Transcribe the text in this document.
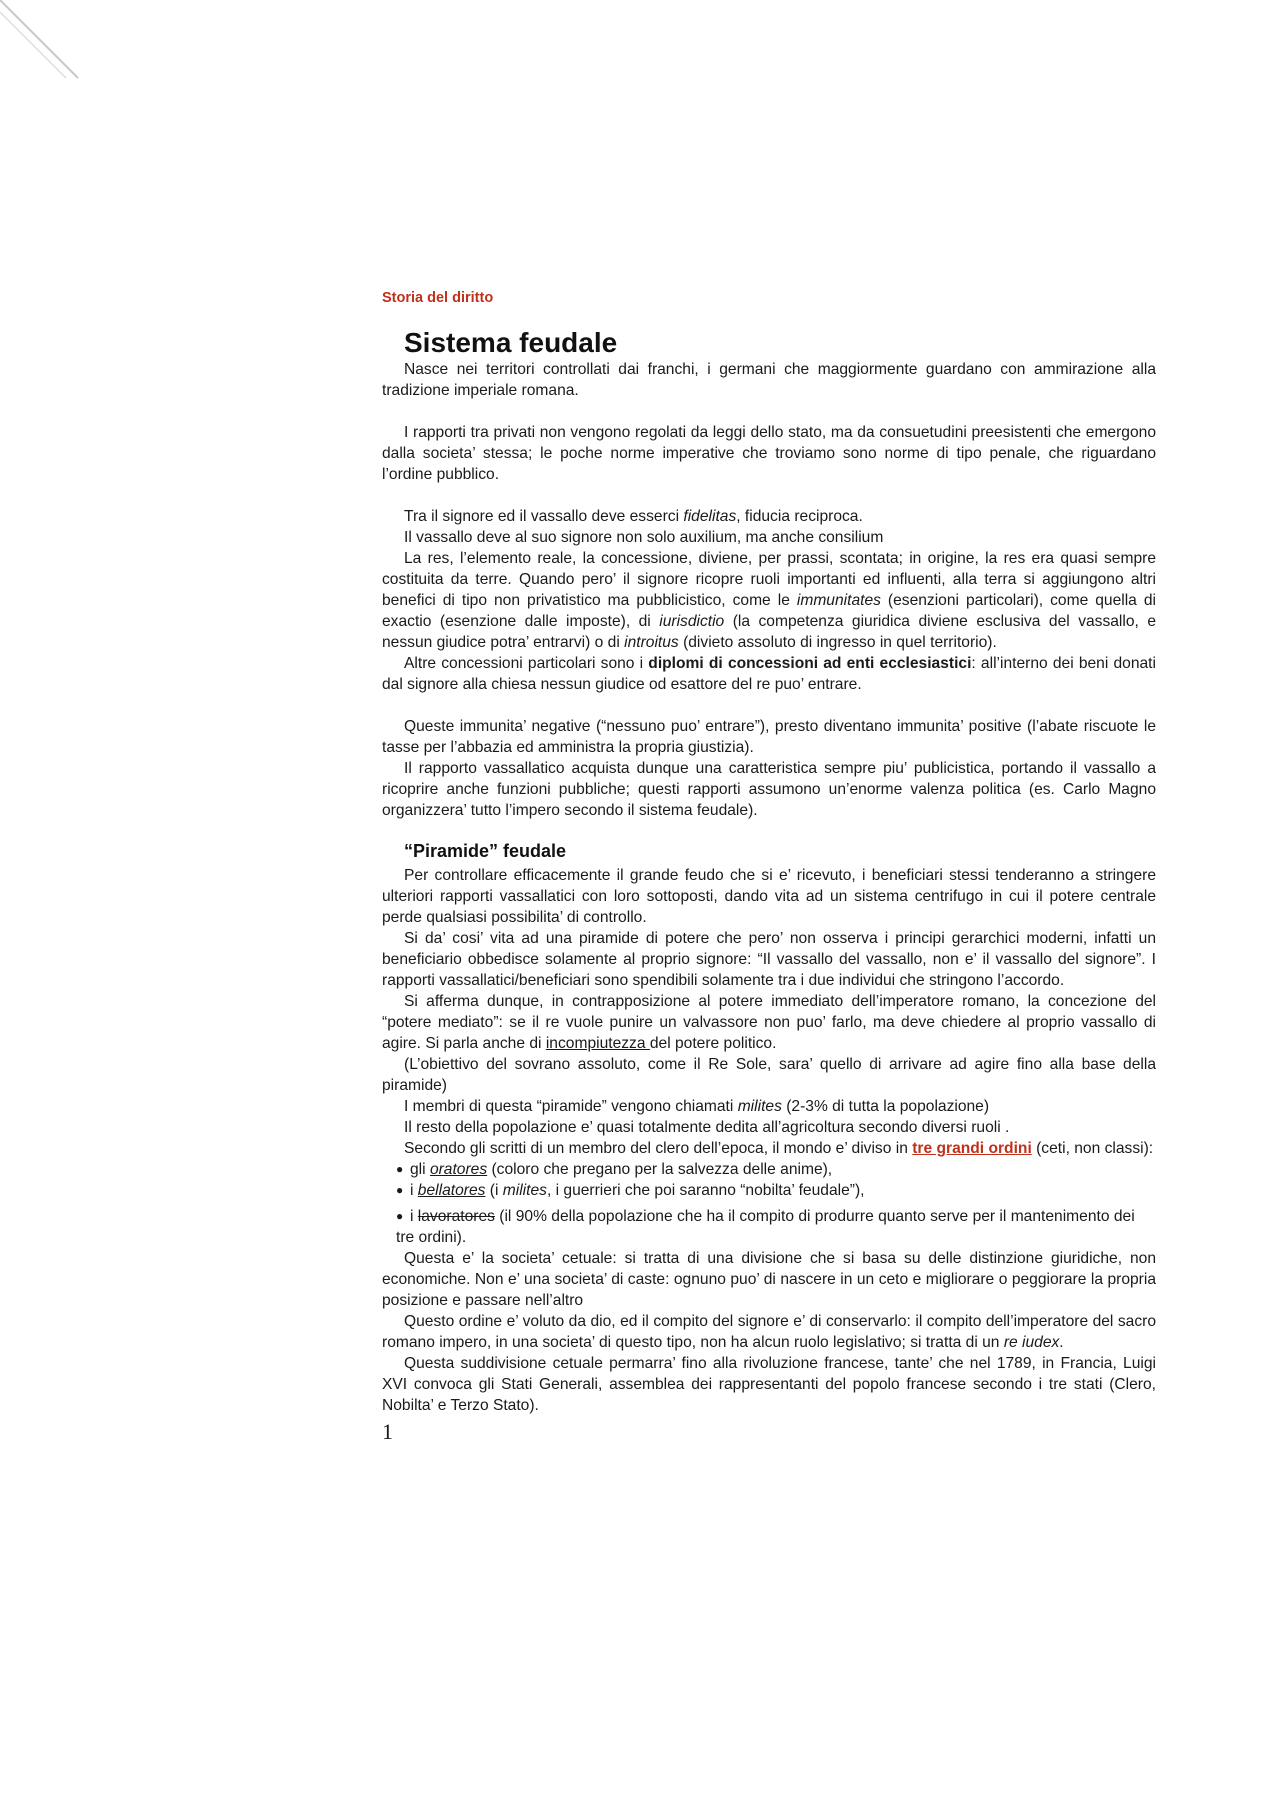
Storia del diritto
Sistema feudale

Nasce nei territori controllati dai franchi, i germani che maggiormente guardano con ammirazione alla tradizione imperiale romana.

I rapporti tra privati non vengono regolati da leggi dello stato, ma da consuetudini preesistenti che emergono dalla societa’ stessa; le poche norme imperative che troviamo sono norme di tipo penale, che riguardano l’ordine pubblico.

Tra il signore ed il vassallo deve esserci fidelitas, fiducia reciproca.

Il vassallo deve al suo signore non solo auxilium, ma anche consilium

La res, l’elemento reale, la concessione, diviene, per prassi, scontata; in origine, la res era quasi sempre costituita da terre. Quando pero’ il signore ricopre ruoli importanti ed influenti, alla terra si aggiungono altri benefici di tipo non privatistico ma pubblicistico, come le immunitates (esenzioni particolari), come quella di exactio (esenzione dalle imposte), di iurisdictio (la competenza giuridica diviene esclusiva del vassallo, e nessun giudice potra’ entrarvi) o di introitus (divieto assoluto di ingresso in quel territorio).

Altre concessioni particolari sono i diplomi di concessioni ad enti ecclesiastici: all’interno dei beni donati dal signore alla chiesa nessun giudice od esattore del re puo’ entrare.

Queste immunita’ negative (“nessuno puo’ entrare”), presto diventano immunita’ positive (l’abate riscuote le tasse per l’abbazia ed amministra la propria giustizia).

Il rapporto vassallatico acquista dunque una caratteristica sempre piu’ publicistica, portando il vassallo a ricoprire anche funzioni pubbliche; questi rapporti assumono un’enorme valenza politica (es. Carlo Magno organizzera’ tutto l’impero secondo il sistema feudale).

“Piramide” feudale

Per controllare efficacemente il grande feudo che si e’ ricevuto, i beneficiari stessi tenderanno a stringere ulteriori rapporti vassallatici con loro sottoposti, dando vita ad un sistema centrifugo in cui il potere centrale perde qualsiasi possibilita’ di controllo.

Si da’ cosi’ vita ad una piramide di potere che pero’ non osserva i principi gerarchici moderni, infatti un beneficiario obbedisce solamente al proprio signore: “Il vassallo del vassallo, non e’ il vassallo del signore”. I rapporti vassallatici/beneficiari sono spendibili solamente tra i due individui che stringono l’accordo.

Si afferma dunque, in contrapposizione al potere immediato dell’imperatore romano, la concezione del “potere mediato”: se il re vuole punire un valvassore non puo’ farlo, ma deve chiedere al proprio vassallo di agire. Si parla anche di incompiutezza del potere politico.

(L’obiettivo del sovrano assoluto, come il Re Sole, sara’ quello di arrivare ad agire fino alla base della piramide)

I membri di questa “piramide” vengono chiamati milites (2-3% di tutta la popolazione)

Il resto della popolazione e’ quasi totalmente dedita all’agricoltura secondo diversi ruoli .

Secondo gli scritti di un membro del clero dell’epoca, il mondo e’ diviso in tre grandi ordini (ceti, non classi):

● gli oratores (coloro che pregano per la salvezza delle anime),
● i bellatores (i milites, i guerrieri che poi saranno “nobilta’ feudale”),
● i lavoratores (il 90% della popolazione che ha il compito di produrre quanto serve per il mantenimento dei tre ordini).

Questa e’ la societa’ cetuale: si tratta di una divisione che si basa su delle distinzione giuridiche, non economiche. Non e’ una societa’ di caste: ognuno puo’ di nascere in un ceto e migliorare o peggiorare la propria posizione e passare nell’altro

Questo ordine e’ voluto da dio, ed il compito del signore e’ di conservarlo: il compito dell’imperatore del sacro romano impero, in una societa’ di questo tipo, non ha alcun ruolo legislativo; si tratta di un re iudex.

Questa suddivisione cetuale permarra’ fino alla rivoluzione francese, tante’ che nel 1789, in Francia, Luigi XVI convoca gli Stati Generali, assemblea dei rappresentanti del popolo francese secondo i tre stati (Clero, Nobilta’ e Terzo Stato).

1
